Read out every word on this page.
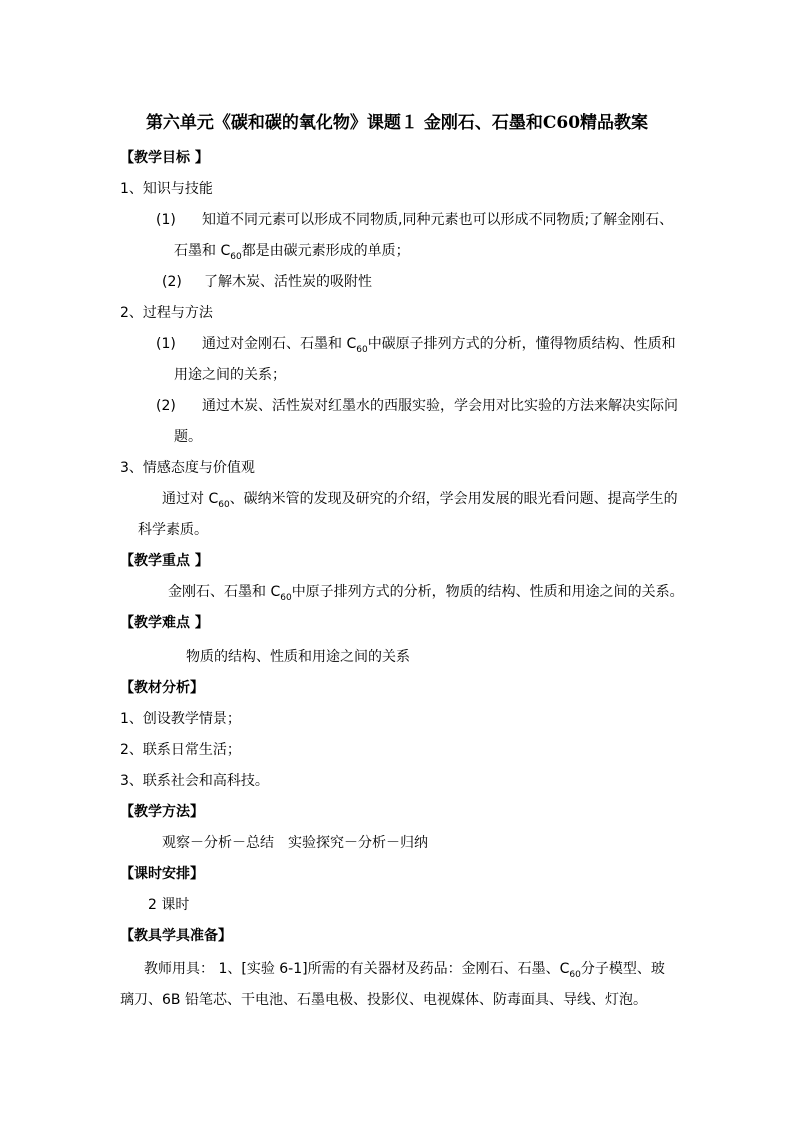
第六单元《碳和碳的氧化物》课题１ 金刚石、石墨和C60精品教案
【教学目标 】
1、知识与技能
(1) 知道不同元素可以形成不同物质,同种元素也可以形成不同物质;了解金刚石、
石墨和 $C_{60}$都是由碳元素形成的单质；
(2) 了解木炭、活性炭的吸附性
2、过程与方法
(1) 通过对金刚石、石墨和 $C_{60}$中碳原子排列方式的分析，懂得物质结构、性质和
用途之间的关系；
(2) 通过木炭、活性炭对红墨水的西服实验，学会用对比实验的方法来解决实际问
题。
3、情感态度与价值观
通过对 $C_{60}$、碳纳米管的发现及研究的介绍，学会用发展的眼光看问题、提高学生的
科学素质。
【教学重点 】
金刚石、石墨和 $C_{60}$中原子排列方式的分析，物质的结构、性质和用途之间的关系。
【教学难点 】
物质的结构、性质和用途之间的关系
【教材分析】
1、创设教学情景；
2、联系日常生活；
3、联系社会和高科技。
【教学方法】
观察－分析－总结　实验探究－分析－归纳
【课时安排】
2 课时
【教具学具准备】
教师用具： 1、[实验 6-1]所需的有关器材及药品：金刚石、石墨、$C_{60}$分子模型、玻
璃刀、6B 铅笔芯、干电池、石墨电极、投影仪、电视媒体、防毒面具、导线、灯泡。
